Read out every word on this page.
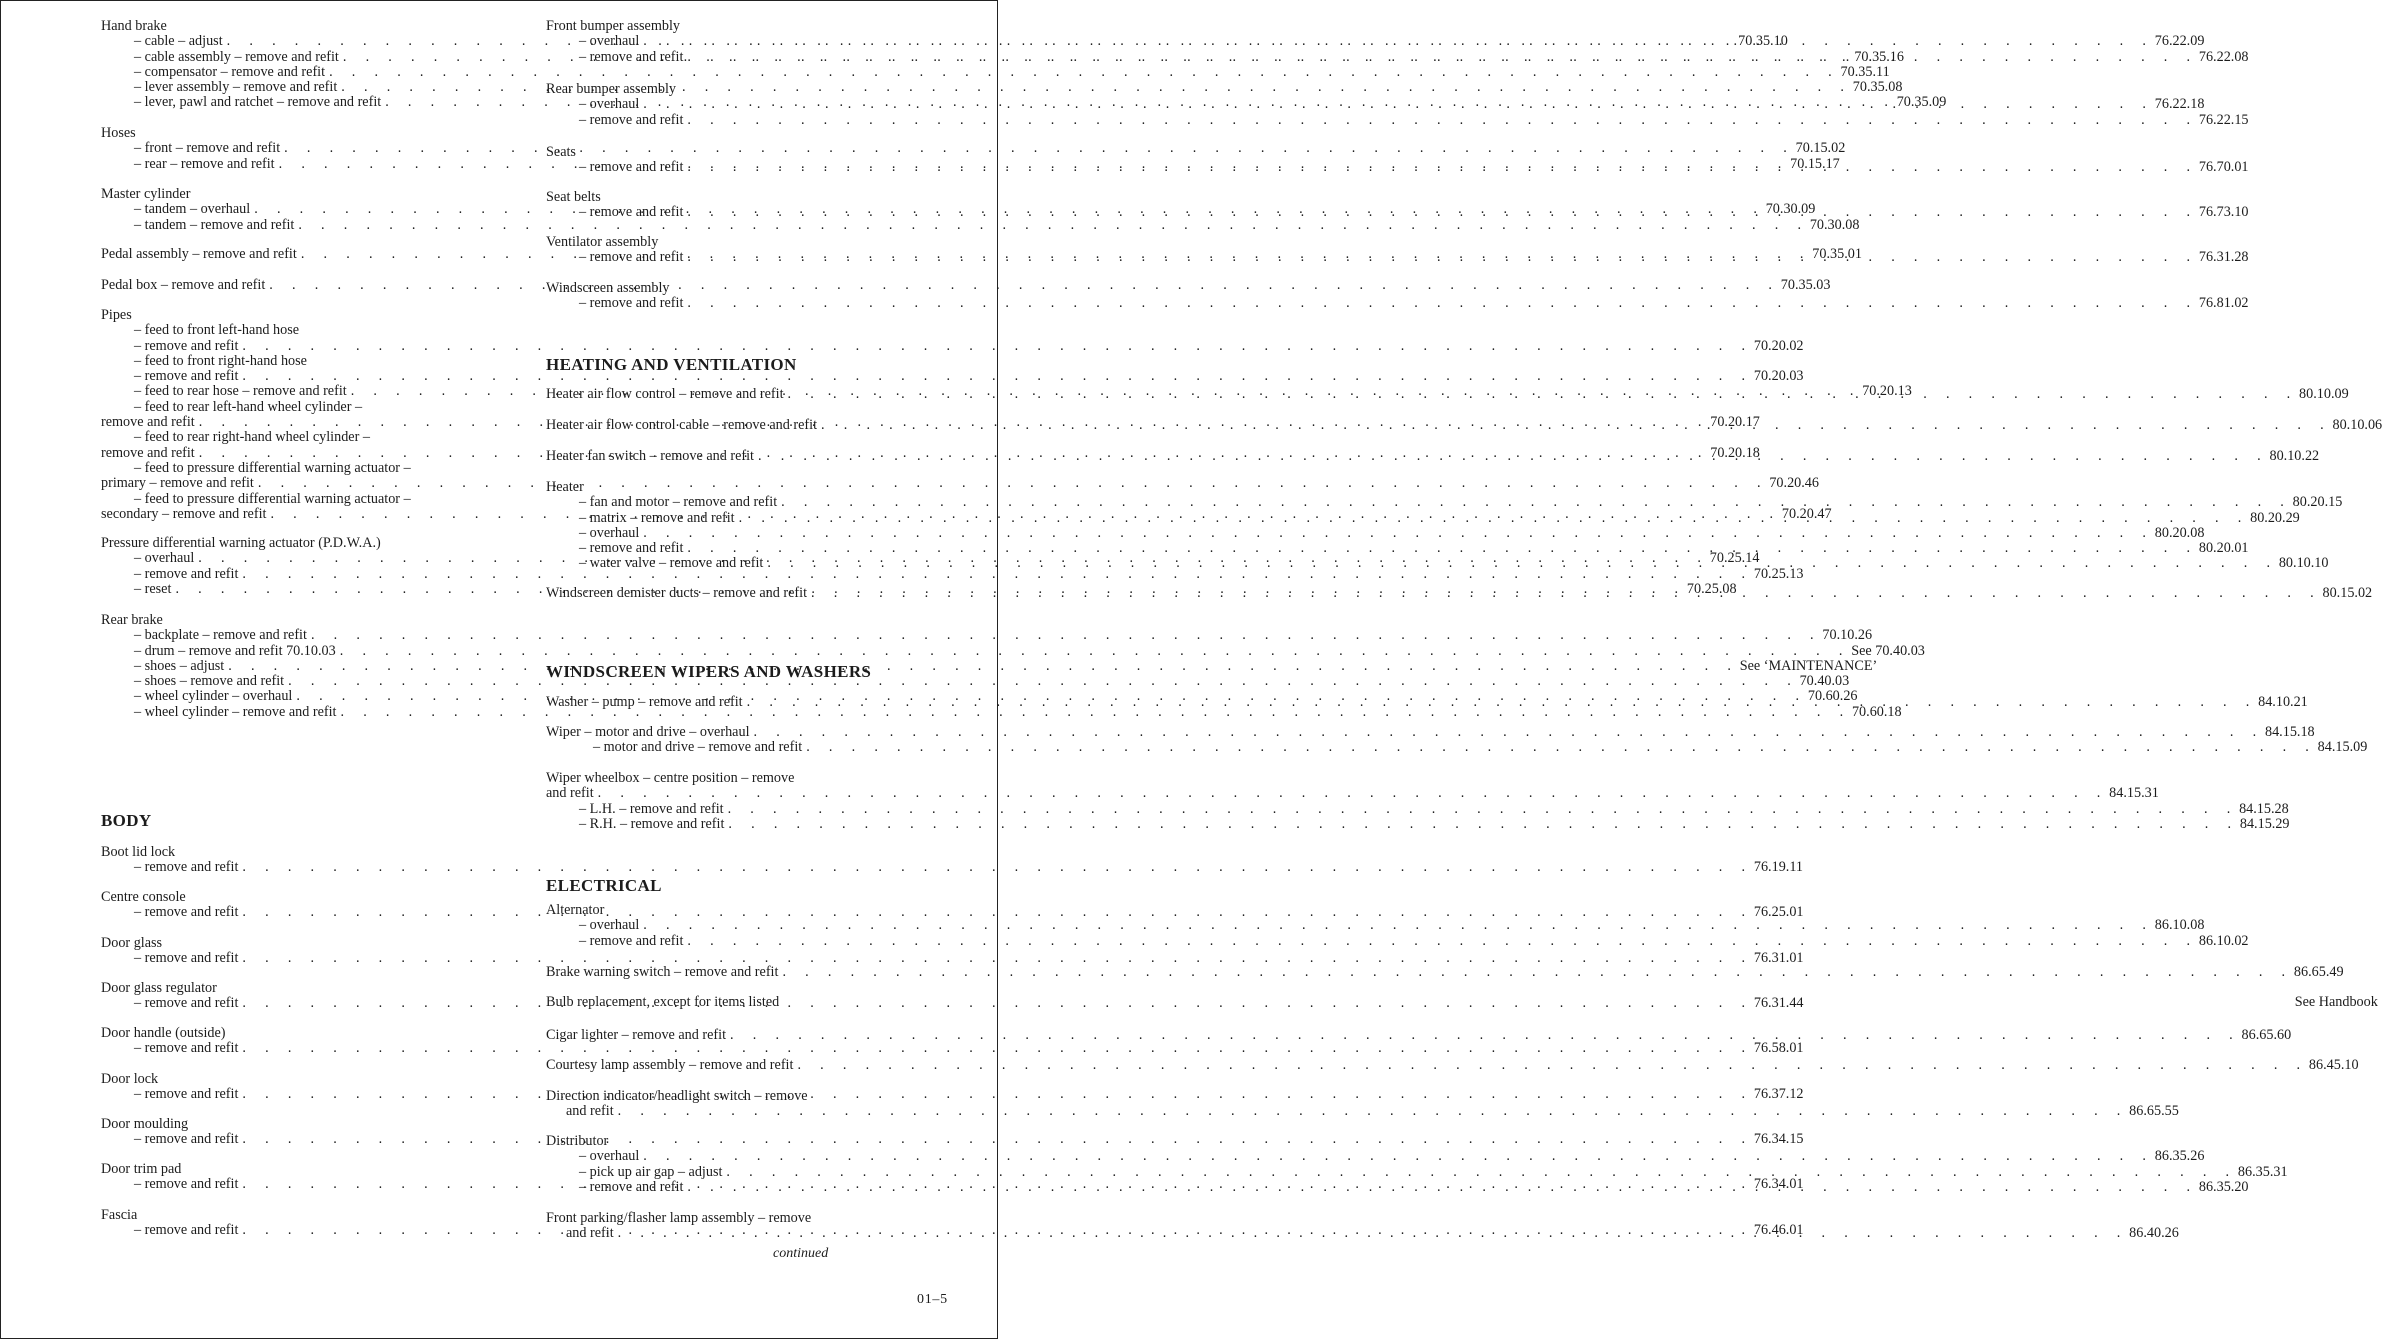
Hand brake
– cable – adjust . . .	70.35.10
– cable assembly – remove and refit . . .	70.35.16
– compensator – remove and refit . . .	70.35.11
– lever assembly – remove and refit . . .	70.35.08
– lever, pawl and ratchet – remove and refit . . .	70.35.09
Hoses
– front – remove and refit . . .	70.15.02
– rear – remove and refit . . .	70.15.17
Master cylinder
– tandem – overhaul . . .	70.30.09
– tandem – remove and refit . . .	70.30.08
Pedal assembly – remove and refit . . .	70.35.01
Pedal box – remove and refit . . .	70.35.03
Pipes
– feed to front left-hand hose
– remove and refit . . .	70.20.02
– feed to front right-hand hose
– remove and refit . . .	70.20.03
– feed to rear hose – remove and refit . . .	70.20.13
– feed to rear left-hand wheel cylinder –
remove and refit . . .	70.20.17
– feed to rear right-hand wheel cylinder –
remove and refit . . .	70.20.18
– feed to pressure differential warning actuator –
primary – remove and refit . . .	70.20.46
– feed to pressure differential warning actuator –
secondary – remove and refit . . .	70.20.47
Pressure differential warning actuator (P.D.W.A.)
– overhaul . . .	70.25.14
– remove and refit . . .	70.25.13
– reset . . .	70.25.08
Rear brake
– backplate – remove and refit . . .	70.10.26
– drum – remove and refit 70.10.03 . . .	See 70.40.03
– shoes – adjust . . .	See ‘MAINTENANCE’
– shoes – remove and refit . . .	70.40.03
– wheel cylinder – overhaul . . .	70.60.26
– wheel cylinder – remove and refit . . .	70.60.18
BODY
Boot lid lock
– remove and refit . . .	76.19.11
Centre console
– remove and refit . . .	76.25.01
Door glass
– remove and refit . . .	76.31.01
Door glass regulator
– remove and refit . . .	76.31.44
Door handle (outside)
– remove and refit . . .	76.58.01
Door lock
– remove and refit . . .	76.37.12
Door moulding
– remove and refit . . .	76.34.15
Door trim pad
– remove and refit . . .	76.34.01
Fascia
– remove and refit . . .	76.46.01
Front bumper assembly
– overhaul . . .	76.22.09
– remove and refit . . .	76.22.08
Rear bumper assembly
– overhaul . . .	76.22.18
– remove and refit . . .	76.22.15
Seats
– remove and refit . . .	76.70.01
Seat belts
– remove and refit . . .	76.73.10
Ventilator assembly
– remove and refit . . .	76.31.28
Windscreen assembly
– remove and refit . . .	76.81.02
HEATING AND VENTILATION
Heater air flow control – remove and refit . . .	80.10.09
Heater air flow control cable – remove and refit . . .	80.10.06
Heater fan switch – remove and refit . . .	80.10.22
Heater
– fan and motor – remove and refit . . .	80.20.15
– matrix – remove and refit . . .	80.20.29
– overhaul . . .	80.20.08
– remove and refit . . .	80.20.01
– water valve – remove and refit . . .	80.10.10
Windscreen demister ducts – remove and refit . . .	80.15.02
WINDSCREEN WIPERS AND WASHERS
Washer – pump – remove and refit . . .	84.10.21
Wiper – motor and drive – overhaul . . .	84.15.18
– motor and drive – remove and refit . . .	84.15.09
Wiper wheelbox – centre position – remove
and refit . . .	84.15.31
– L.H. – remove and refit . . .	84.15.28
– R.H. – remove and refit . . .	84.15.29
ELECTRICAL
Alternator
– overhaul . . .	86.10.08
– remove and refit . . .	86.10.02
Brake warning switch – remove and refit . . .	86.65.49
Bulb replacement, except for items listed	See Handbook
Cigar lighter – remove and refit . . .	86.65.60
Courtesy lamp assembly – remove and refit . . .	86.45.10
Direction indicator/headlight switch – remove
and refit . . .	86.65.55
Distributor
– overhaul . . .	86.35.26
– pick up air gap – adjust . . .	86.35.31
– remove and refit . . .	86.35.20
Front parking/flasher lamp assembly – remove
and refit . . .	86.40.26
continued
01–5
